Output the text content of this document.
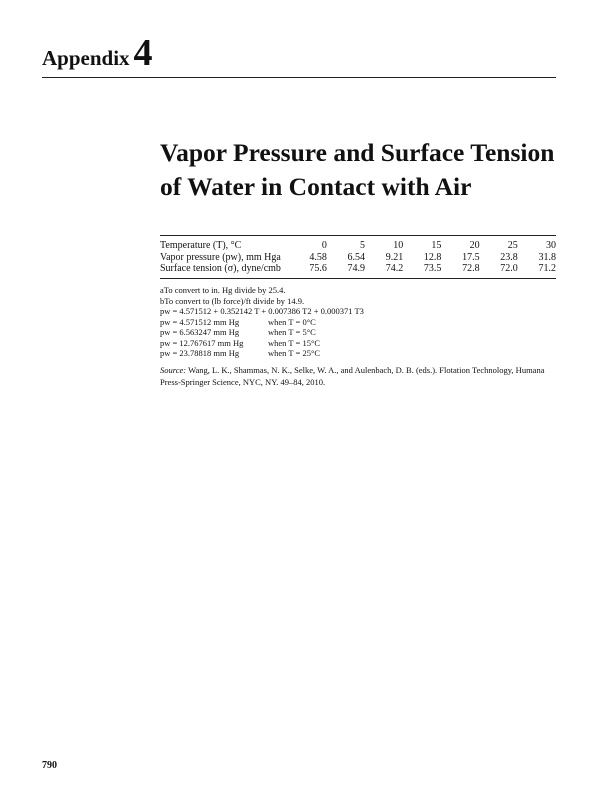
Appendix 4
Vapor Pressure and Surface Tension
of Water in Contact with Air
Temperature (T), °C	0	5	10	15	20	25	30
Vapor pressure (pw), mm Hga	4.58	6.54	9.21	12.8	17.5	23.8	31.8
Surface tension (σ), dyne/cmb	75.6	74.9	74.2	73.5	72.8	72.0	71.2
aTo convert to in. Hg divide by 25.4.
bTo convert to (lb force)/ft divide by 14.9.
pw = 4.571512 + 0.352142 T + 0.007386 T2 + 0.000371 T3
pw = 4.571512 mm Hg	when T = 0°C
pw = 6.563247 mm Hg	when T = 5°C
pw = 12.767617 mm Hg	when T = 15°C
pw = 23.78818 mm Hg	when T = 25°C
Source: Wang, L. K., Shammas, N. K., Selke, W. A., and Aulenbach, D. B. (eds.). Flotation Technology, Humana Press-Springer Science, NYC, NY. 49–84, 2010.
790
